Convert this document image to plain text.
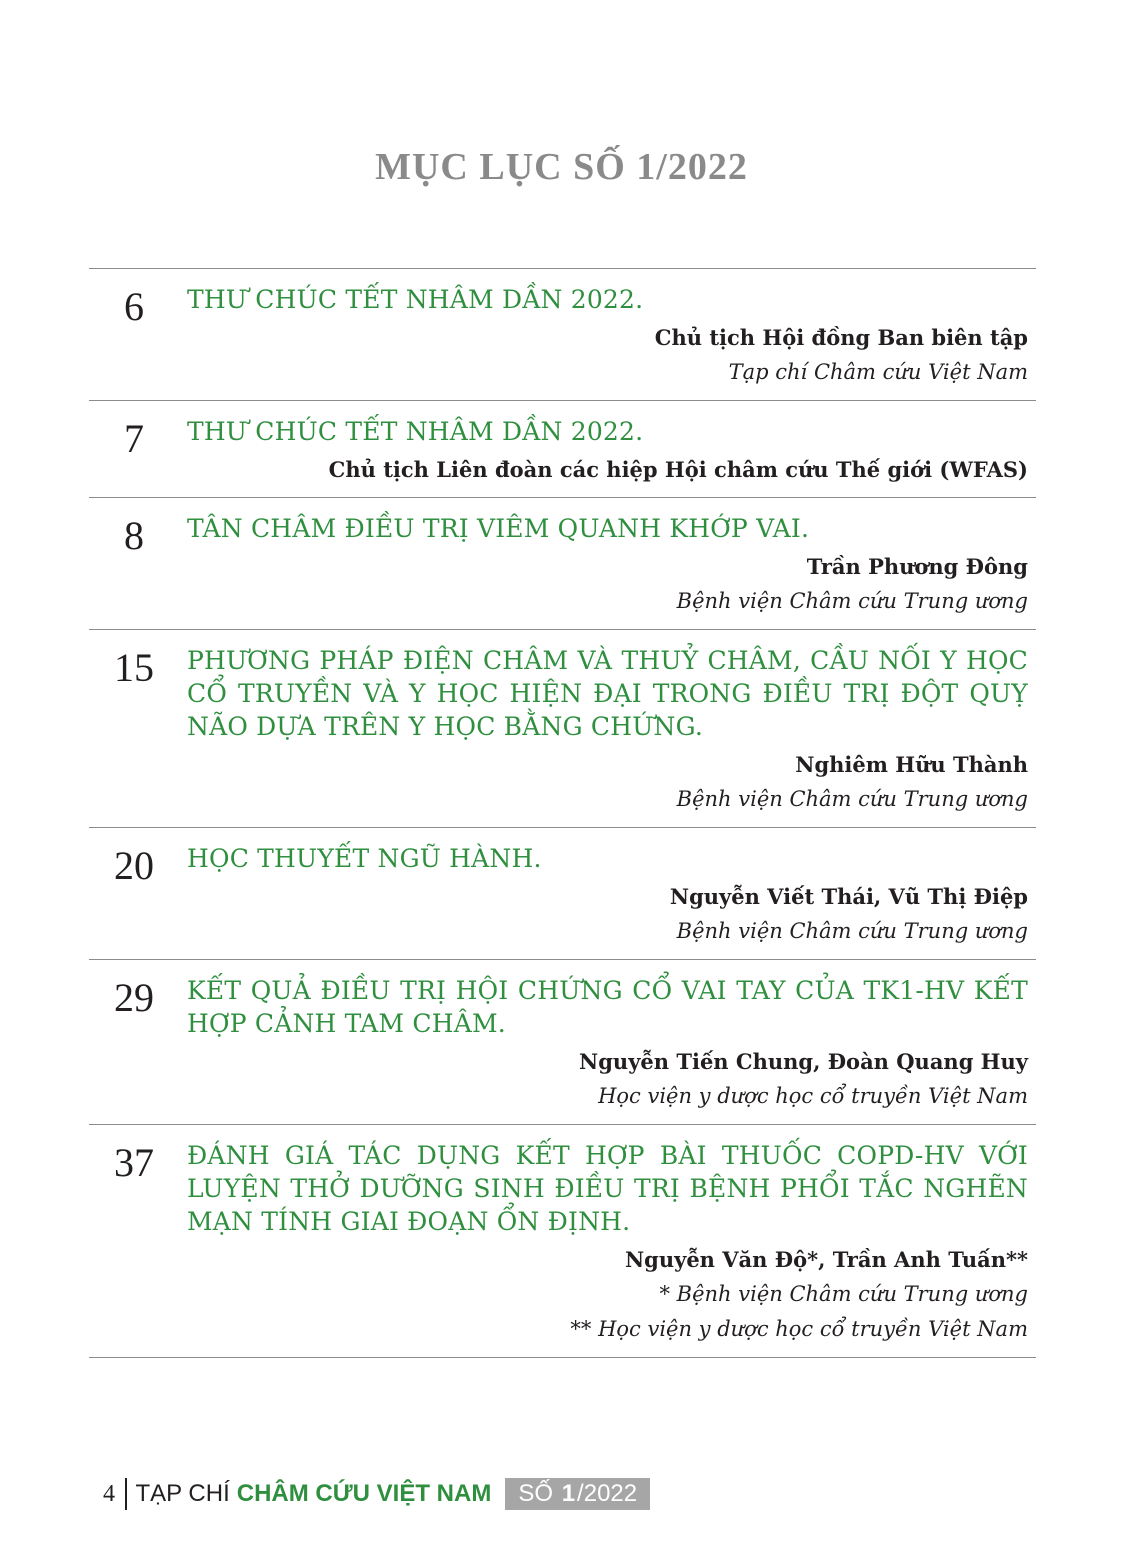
MỤC LỤC SỐ 1/2022
6	THƯ CHÚC TẾT NHÂM DẦN 2022.
Chủ tịch Hội đồng Ban biên tập
Tạp chí Châm cứu Việt Nam
7	THƯ CHÚC TẾT NHÂM DẦN 2022.
Chủ tịch Liên đoàn các hiệp Hội châm cứu Thế giới (WFAS)
8	TÂN CHÂM ĐIỀU TRỊ VIÊM QUANH KHỚP VAI.
Trần Phương Đông
Bệnh viện Châm cứu Trung ương
15	PHƯƠNG PHÁP ĐIỆN CHÂM VÀ THUỶ CHÂM, CẦU NỐI Y HỌC CỔ TRUYỀN VÀ Y HỌC HIỆN ĐẠI TRONG ĐIỀU TRỊ ĐỘT QUỴ NÃO DỰA TRÊN Y HỌC BẰNG CHỨNG.
Nghiêm Hữu Thành
Bệnh viện Châm cứu Trung ương
20	HỌC THUYẾT NGŨ HÀNH.
Nguyễn Viết Thái, Vũ Thị Điệp
Bệnh viện Châm cứu Trung ương
29	KẾT QUẢ ĐIỀU TRỊ HỘI CHỨNG CỔ VAI TAY CỦA TK1-HV KẾT HỢP CẢNH TAM CHÂM.
Nguyễn Tiến Chung, Đoàn Quang Huy
Học viện y dược học cổ truyền Việt Nam
37	ĐÁNH GIÁ TÁC DỤNG KẾT HỢP BÀI THUỐC COPD-HV VỚI LUYỆN THỞ DƯỠNG SINH ĐIỀU TRỊ BỆNH PHỔI TẮC NGHẼN MẠN TÍNH GIAI ĐOẠN ỔN ĐỊNH.
Nguyễn Văn Độ*, Trần Anh Tuấn**
* Bệnh viện Châm cứu Trung ương
** Học viện y dược học cổ truyền Việt Nam
4 TẠP CHÍ CHÂM CỨU VIỆT NAM SỐ
1 /2022
